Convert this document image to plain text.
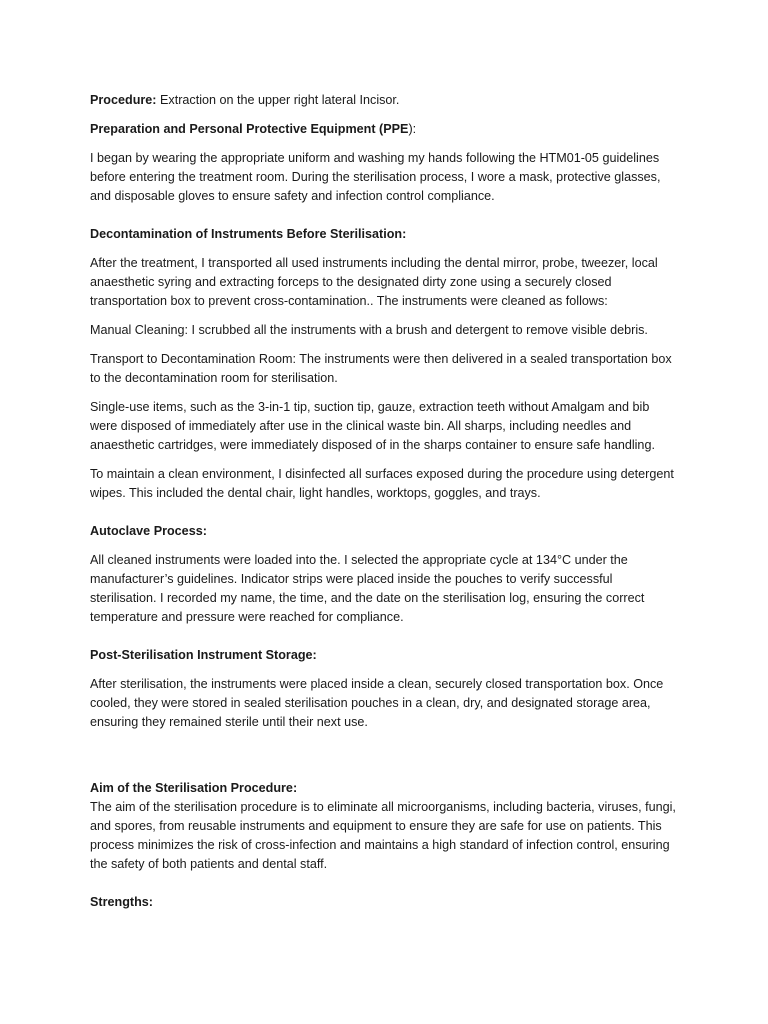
Procedure: Extraction on the upper right lateral Incisor.

Preparation and Personal Protective Equipment (PPE):

I began by wearing the appropriate uniform and washing my hands following the HTM01-05 guidelines before entering the treatment room. During the sterilisation process, I wore a mask, protective glasses, and disposable gloves to ensure safety and infection control compliance.

Decontamination of Instruments Before Sterilisation:

After the treatment, I transported all used instruments including the dental mirror, probe, tweezer, local anaesthetic syring and extracting forceps to the designated dirty zone using a securely closed transportation box to prevent cross-contamination.. The instruments were cleaned as follows:

Manual Cleaning: I scrubbed all the instruments with a brush and detergent to remove visible debris.

Transport to Decontamination Room: The instruments were then delivered in a sealed transportation box to the decontamination room for sterilisation.

Single-use items, such as the 3-in-1 tip, suction tip, gauze, extraction teeth without Amalgam and bib were disposed of immediately after use in the clinical waste bin. All sharps, including needles and anaesthetic cartridges, were immediately disposed of in the sharps container to ensure safe handling.

To maintain a clean environment, I disinfected all surfaces exposed during the procedure using detergent wipes. This included the dental chair, light handles, worktops, goggles, and trays.

Autoclave Process:

All cleaned instruments were loaded into the. I selected the appropriate cycle at 134°C under the manufacturer’s guidelines. Indicator strips were placed inside the pouches to verify successful sterilisation. I recorded my name, the time, and the date on the sterilisation log, ensuring the correct temperature and pressure were reached for compliance.

Post-Sterilisation Instrument Storage:

After sterilisation, the instruments were placed inside a clean, securely closed transportation box. Once cooled, they were stored in sealed sterilisation pouches in a clean, dry, and designated storage area, ensuring they remained sterile until their next use.

Aim of the Sterilisation Procedure:

The aim of the sterilisation procedure is to eliminate all microorganisms, including bacteria, viruses, fungi, and spores, from reusable instruments and equipment to ensure they are safe for use on patients. This process minimizes the risk of cross-infection and maintains a high standard of infection control, ensuring the safety of both patients and dental staff.

Strengths:
